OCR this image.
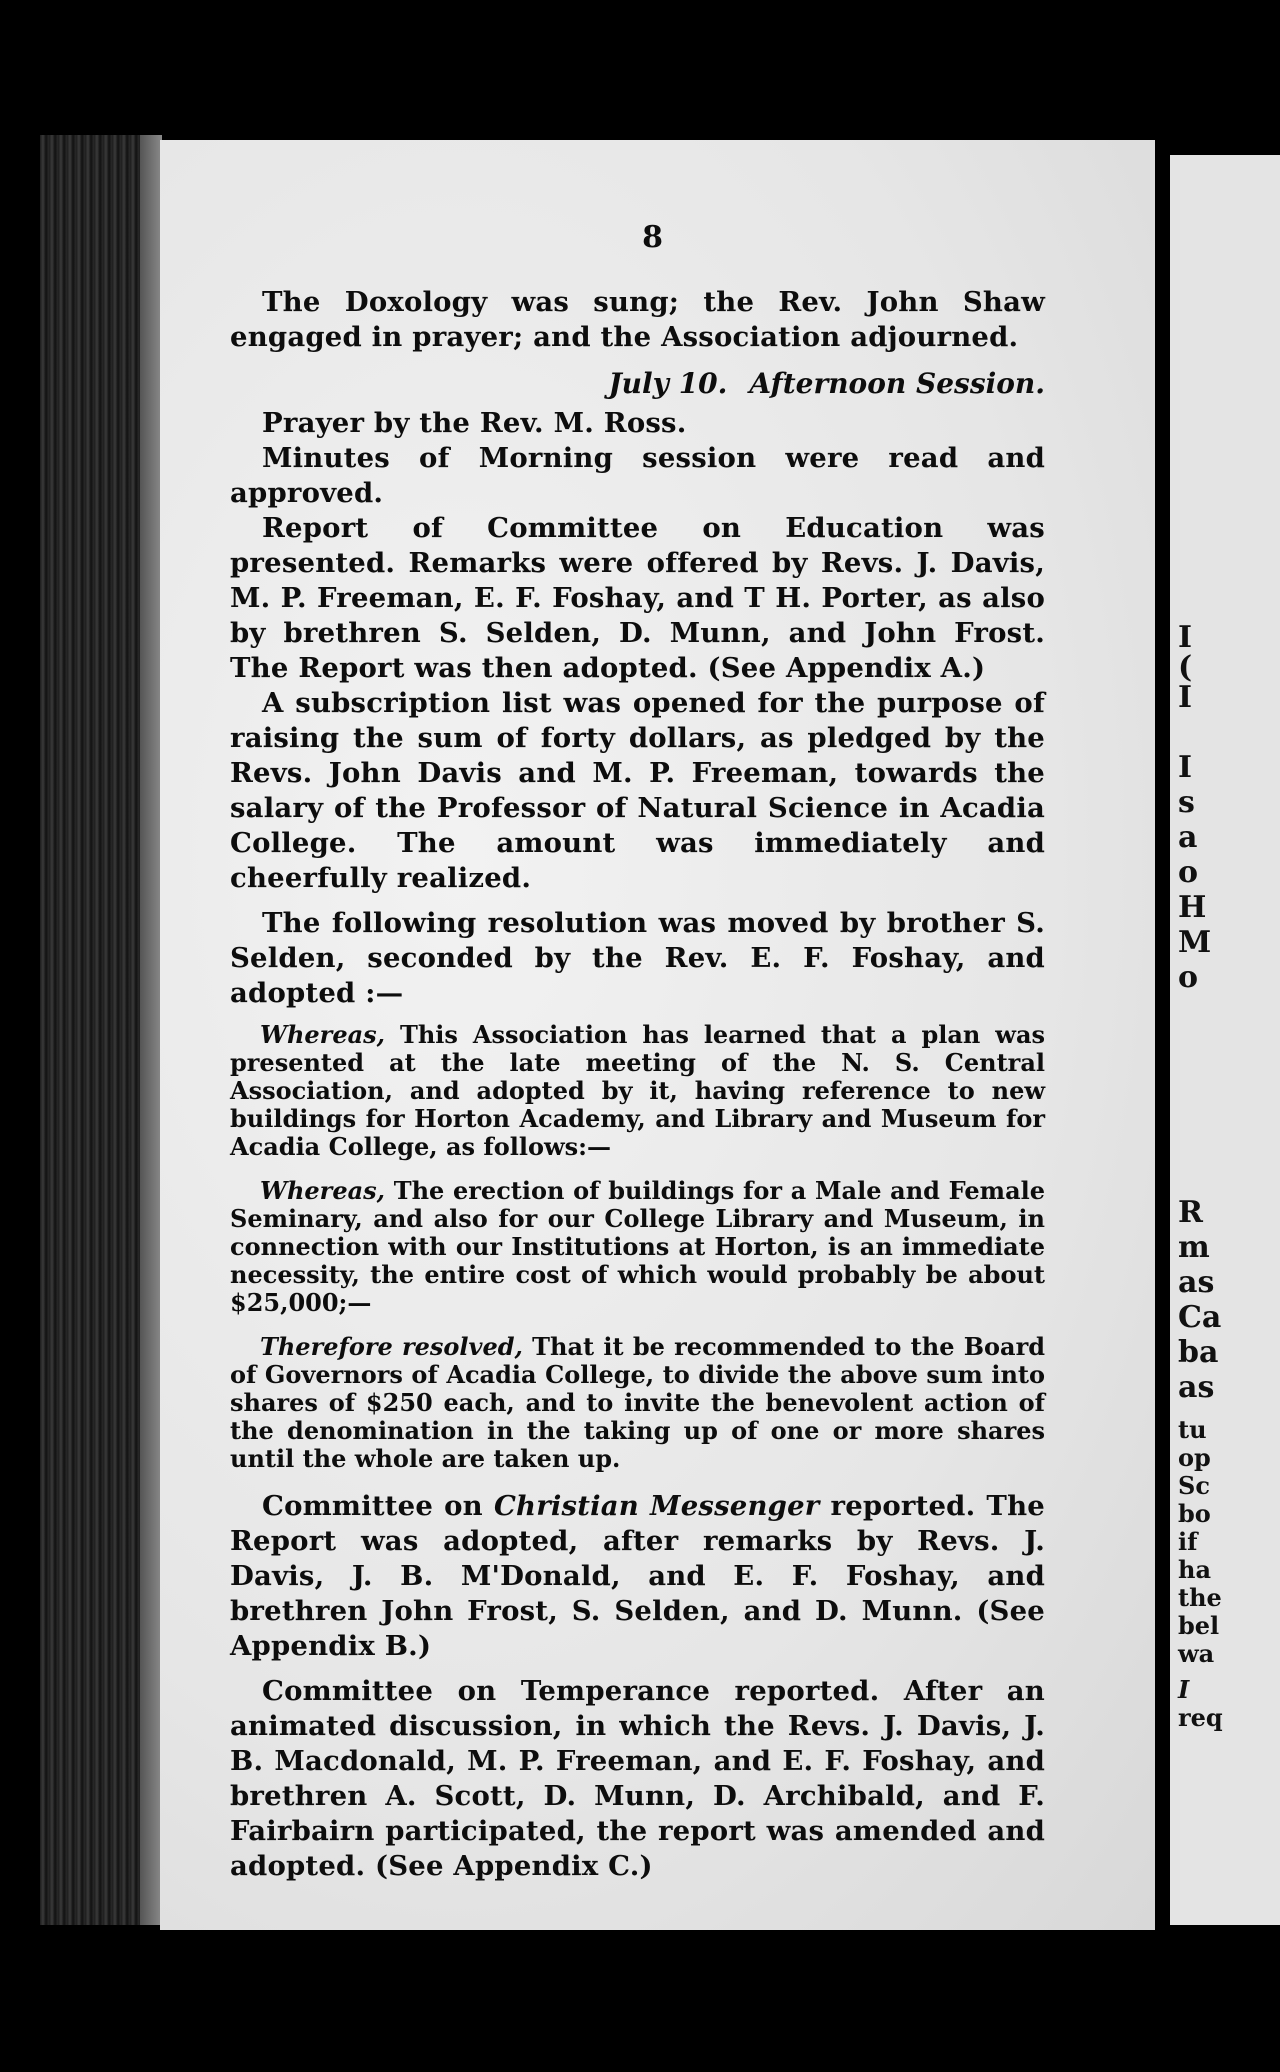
I
(
I
I
s
a
o
H
M
o
R
m
as
Ca
ba
as
tu
op
Sc
bo
if
ha
the
bel
wa
I
req
8

The Doxology was sung; the Rev. John Shaw engaged in prayer; and the Association adjourned.

July 10. Afternoon Session.

Prayer by the Rev. M. Ross.

Minutes of Morning session were read and approved.

Report of Committee on Education was presented. Remarks were offered by Revs. J. Davis, M. P. Freeman, E. F. Foshay, and T H. Porter, as also by brethren S. Selden, D. Munn, and John Frost. The Report was then adopted. (See Appendix A.)

A subscription list was opened for the purpose of raising the sum of forty dollars, as pledged by the Revs. John Davis and M. P. Freeman, towards the salary of the Professor of Natural Science in Acadia College. The amount was immediately and cheerfully realized.

The following resolution was moved by brother S. Selden, seconded by the Rev. E. F. Foshay, and adopted :—

Whereas, This Association has learned that a plan was presented at the late meeting of the N. S. Central Association, and adopted by it, having reference to new buildings for Horton Academy, and Library and Museum for Acadia College, as follows:—

Whereas, The erection of buildings for a Male and Female Seminary, and also for our College Library and Museum, in connection with our Institutions at Horton, is an immediate necessity, the entire cost of which would probably be about $25,000;—

Therefore resolved, That it be recommended to the Board of Governors of Acadia College, to divide the above sum into shares of $250 each, and to invite the benevolent action of the denomination in the taking up of one or more shares until the whole are taken up.

Committee on Christian Messenger reported. The Report was adopted, after remarks by Revs. J. Davis, J. B. M'Donald, and E. F. Foshay, and brethren John Frost, S. Selden, and D. Munn. (See Appendix B.)

Committee on Temperance reported. After an animated discussion, in which the Revs. J. Davis, J. B. Macdonald, M. P. Freeman, and E. F. Foshay, and brethren A. Scott, D. Munn, D. Archibald, and F. Fairbairn participated, the report was amended and adopted. (See Appendix C.)
